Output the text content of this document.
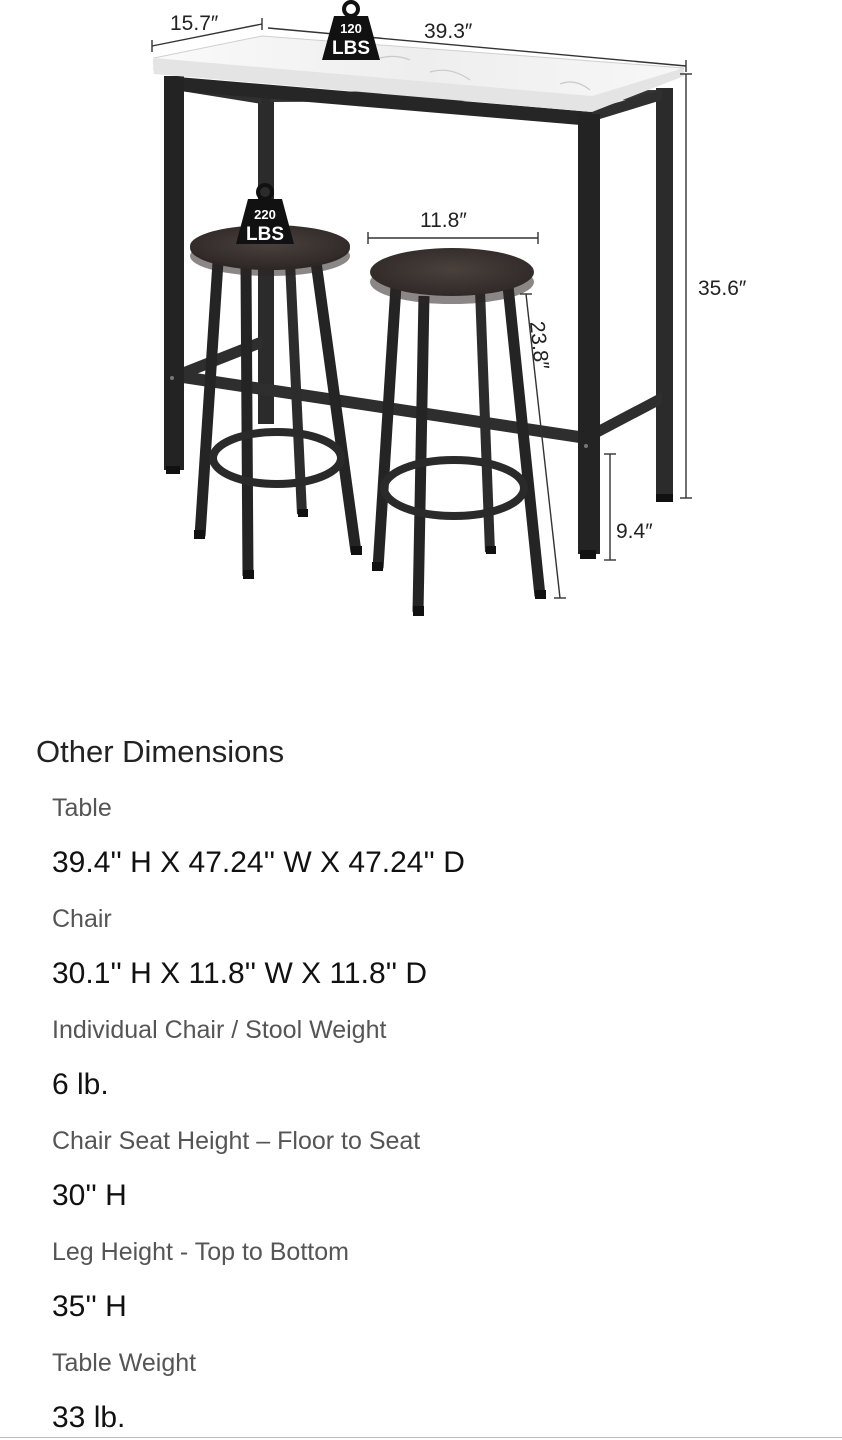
15.7″	39.3″
35.6″
11.8″
23.8″
9.4″
120
LBS
220
LBS
Other Dimensions
Table
39.4'' H X 47.24'' W X 47.24'' D
Chair
30.1'' H X 11.8'' W X 11.8'' D
Individual Chair / Stool Weight
6 lb.
Chair Seat Height – Floor to Seat
30'' H
Leg Height - Top to Bottom
35'' H
Table Weight
33 lb.
